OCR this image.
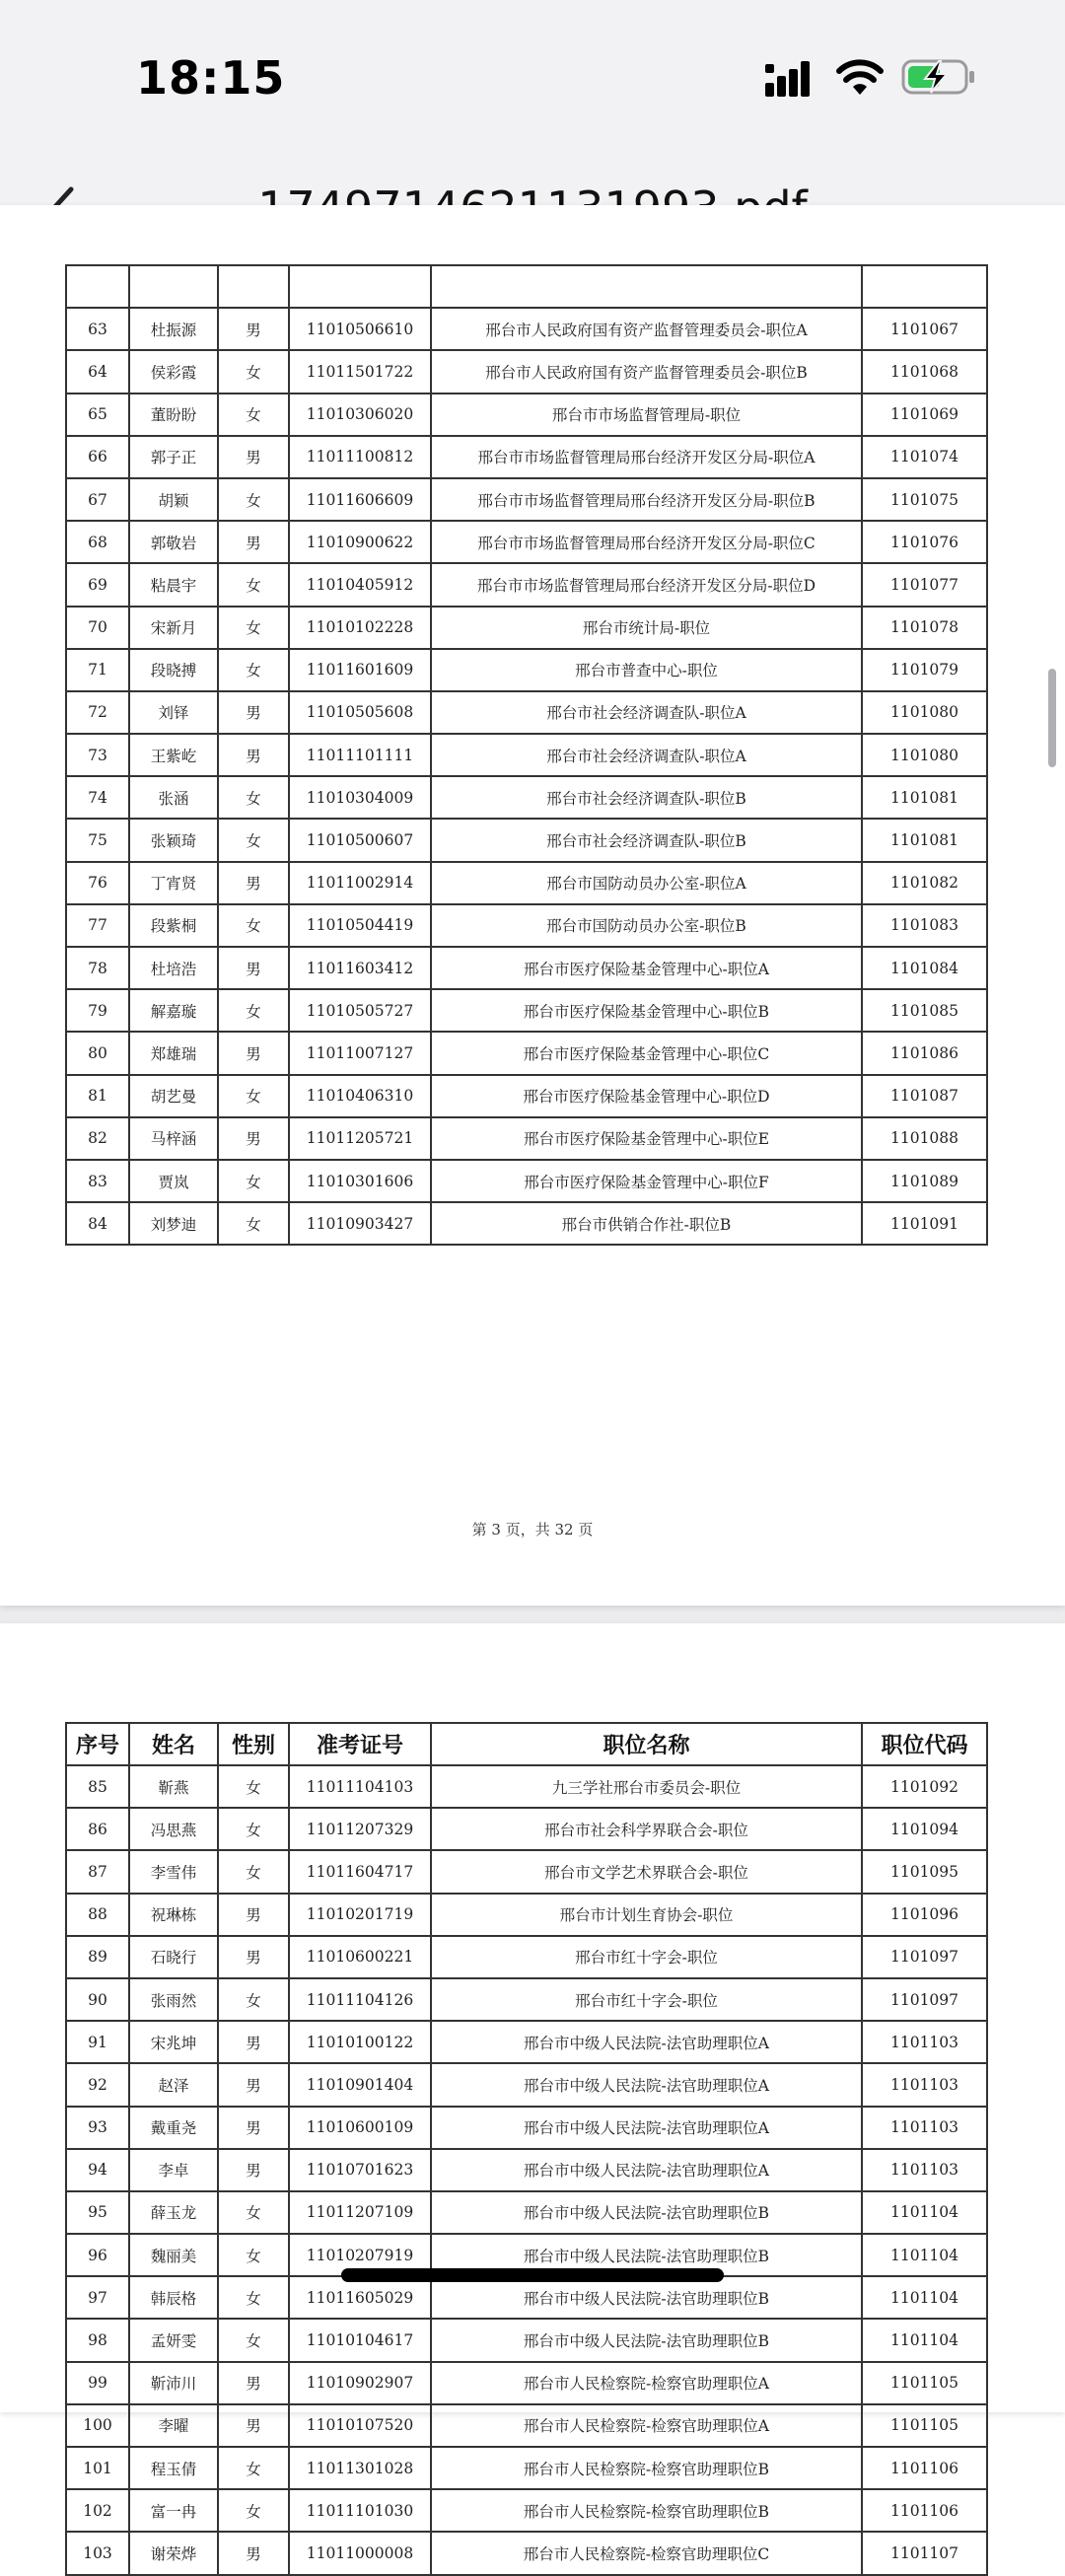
18:15

63	杜振源	男	11010506610	邢台市人民政府国有资产监督管理委员会-职位A	1101067
64	侯彩霞	女	11011501722	邢台市人民政府国有资产监督管理委员会-职位B	1101068
65	董盼盼	女	11010306020	邢台市市场监督管理局-职位	1101069
66	郭子正	男	11011100812	邢台市市场监督管理局邢台经济开发区分局-职位A	1101074
67	胡颖	女	11011606609	邢台市市场监督管理局邢台经济开发区分局-职位B	1101075
68	郭敬岩	男	11010900622	邢台市市场监督管理局邢台经济开发区分局-职位C	1101076
69	粘晨宇	女	11010405912	邢台市市场监督管理局邢台经济开发区分局-职位D	1101077
70	宋新月	女	11010102228	邢台市统计局-职位	1101078
71	段晓搏	女	11011601609	邢台市普查中心-职位	1101079
72	刘铎	男	11010505608	邢台市社会经济调查队-职位A	1101080
73	王紫屹	男	11011101111	邢台市社会经济调查队-职位A	1101080
74	张涵	女	11010304009	邢台市社会经济调查队-职位B	1101081
75	张颖琦	女	11010500607	邢台市社会经济调查队-职位B	1101081
76	丁宵贤	男	11011002914	邢台市国防动员办公室-职位A	1101082
77	段紫桐	女	11010504419	邢台市国防动员办公室-职位B	1101083
78	杜培浩	男	11011603412	邢台市医疗保险基金管理中心-职位A	1101084
79	解嘉璇	女	11010505727	邢台市医疗保险基金管理中心-职位B	1101085
80	郑雄瑞	男	11011007127	邢台市医疗保险基金管理中心-职位C	1101086
81	胡艺曼	女	11010406310	邢台市医疗保险基金管理中心-职位D	1101087
82	马梓涵	男	11011205721	邢台市医疗保险基金管理中心-职位E	1101088
83	贾岚	女	11010301606	邢台市医疗保险基金管理中心-职位F	1101089
84	刘梦迪	女	11010903427	邢台市供销合作社-职位B	1101091
第 3 页，共 32 页
序号	姓名	性别	准考证号	职位名称	职位代码
85	靳燕	女	11011104103	九三学社邢台市委员会-职位	1101092
86	冯思燕	女	11011207329	邢台市社会科学界联合会-职位	1101094
87	李雪伟	女	11011604717	邢台市文学艺术界联合会-职位	1101095
88	祝琳栋	男	11010201719	邢台市计划生育协会-职位	1101096
89	石晓行	男	11010600221	邢台市红十字会-职位	1101097
90	张雨然	女	11011104126	邢台市红十字会-职位	1101097
91	宋兆坤	男	11010100122	邢台市中级人民法院-法官助理职位A	1101103
92	赵泽	男	11010901404	邢台市中级人民法院-法官助理职位A	1101103
93	戴重尧	男	11010600109	邢台市中级人民法院-法官助理职位A	1101103
94	李卓	男	11010701623	邢台市中级人民法院-法官助理职位A	1101103
95	薛玉龙	女	11011207109	邢台市中级人民法院-法官助理职位B	1101104
96	魏丽美	女	11010207919	邢台市中级人民法院-法官助理职位B	1101104
97	韩辰格	女	11011605029	邢台市中级人民法院-法官助理职位B	1101104
98	孟妍雯	女	11010104617	邢台市中级人民法院-法官助理职位B	1101104
99	靳沛川	男	11010902907	邢台市人民检察院-检察官助理职位A	1101105
100	李曜	男	11010107520	邢台市人民检察院-检察官助理职位A	1101105
101	程玉倩	女	11011301028	邢台市人民检察院-检察官助理职位B	1101106
102	富一冉	女	11011101030	邢台市人民检察院-检察官助理职位B	1101106
103	谢荣烨	男	11011000008	邢台市人民检察院-检察官助理职位C	1101107
